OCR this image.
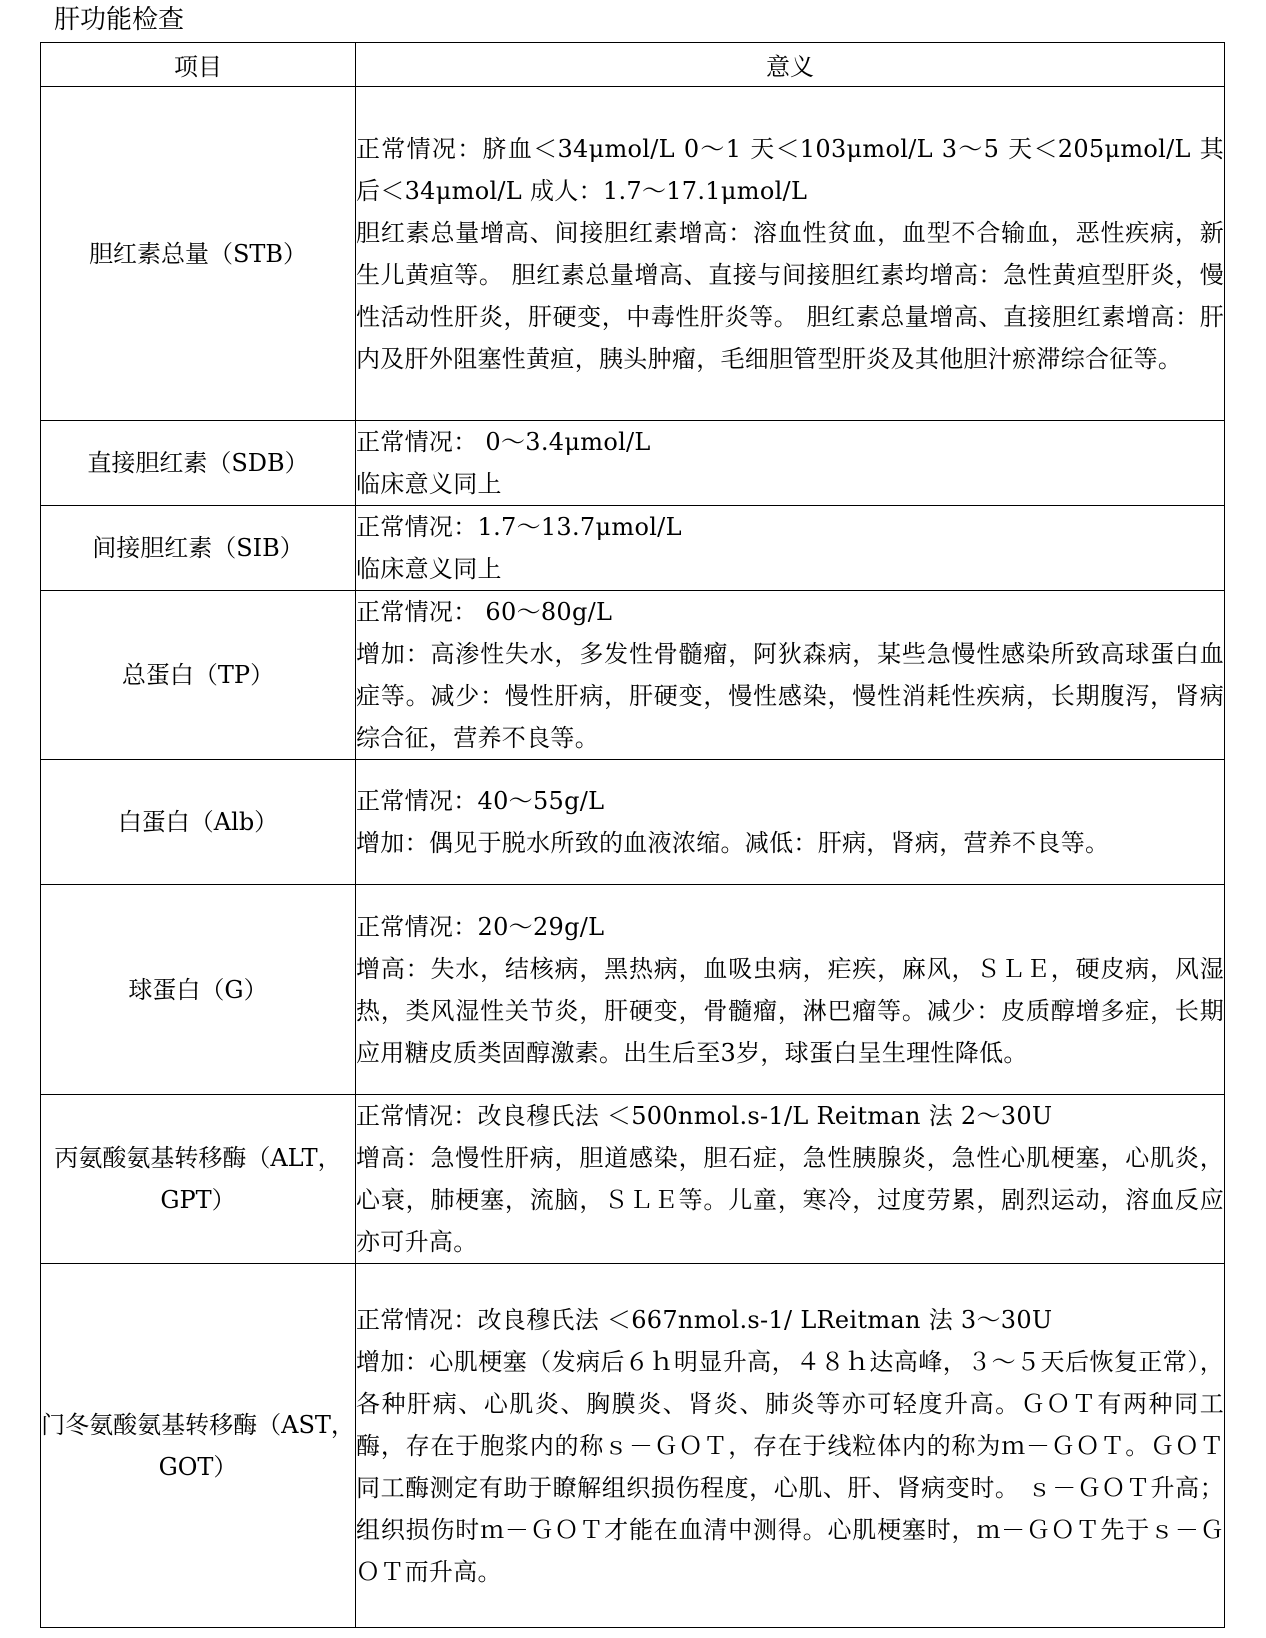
肝功能检查
项目	意义
胆红素总量（STB）	正常情况：脐血＜34μmol/L 0～1 天＜103μmol/L 3～5 天＜205μmol/L 其后＜34μmol/L 成人：1.7～17.1μmol/L
胆红素总量增高、间接胆红素增高：溶血性贫血，血型不合输血，恶性疾病，新生儿黄疸等。 胆红素总量增高、直接与间接胆红素均增高：急性黄疸型肝炎，慢性活动性肝炎，肝硬变，中毒性肝炎等。 胆红素总量增高、直接胆红素增高：肝内及肝外阻塞性黄疸，胰头肿瘤，毛细胆管型肝炎及其他胆汁瘀滞综合征等。

直接胆红素（SDB）	正常情况： 0～3.4μmol/L
临床意义同上

间接胆红素（SIB）	正常情况：1.7～13.7μmol/L
临床意义同上

总蛋白（TP）	正常情况： 60～80g/L
增加：高渗性失水，多发性骨髓瘤，阿狄森病，某些急慢性感染所致高球蛋白血症等。减少：慢性肝病，肝硬变，慢性感染，慢性消耗性疾病，长期腹泻，肾病综合征，营养不良等。

白蛋白（Alb）	正常情况：40～55g/L
增加：偶见于脱水所致的血液浓缩。减低：肝病，肾病，营养不良等。

球蛋白（G）	正常情况：20～29g/L
增高：失水，结核病，黑热病，血吸虫病，疟疾，麻风，ＳＬＥ，硬皮病，风湿热，类风湿性关节炎，肝硬变，骨髓瘤，淋巴瘤等。减少：皮质醇增多症，长期应用糖皮质类固醇激素。出生后至3岁，球蛋白呈生理性降低。

丙氨酸氨基转移酶（ALT，GPT）	正常情况：改良穆氏法 ＜500nmol.s-1/L Reitman 法 2～30U
增高：急慢性肝病，胆道感染，胆石症，急性胰腺炎，急性心肌梗塞，心肌炎，心衰，肺梗塞，流脑，ＳＬＥ等。儿童，寒冷，过度劳累，剧烈运动，溶血反应亦可升高。

门冬氨酸氨基转移酶（AST，GOT）	正常情况：改良穆氏法 ＜667nmol.s-1/ LReitman 法 3～30U
增加：心肌梗塞（发病后６ｈ明显升高，４８ｈ达高峰，３～５天后恢复正常），各种肝病、心肌炎、胸膜炎、肾炎、肺炎等亦可轻度升高。ＧＯＴ有两种同工酶，存在于胞浆内的称ｓ－ＧＯＴ，存在于线粒体内的称为ｍ－ＧＯＴ。ＧＯＴ同工酶测定有助于瞭解组织损伤程度，心肌、肝、肾病变时。 ｓ－ＧＯＴ升高；组织损伤时ｍ－ＧＯＴ才能在血清中测得。心肌梗塞时，ｍ－ＧＯＴ先于ｓ－ＧＯＴ而升高。
